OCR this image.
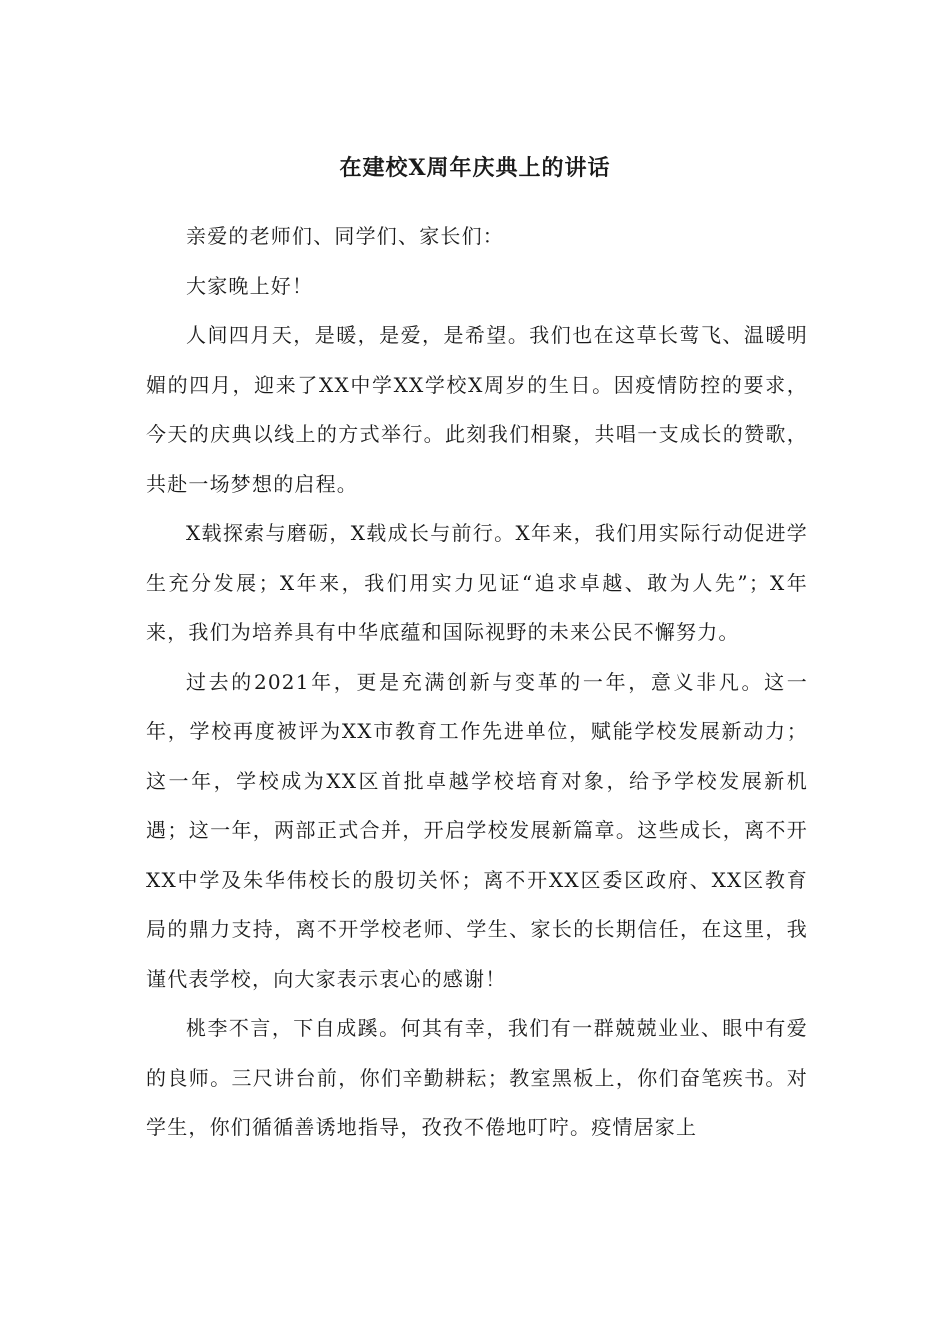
在建校X周年庆典上的讲话

亲爱的老师们、同学们、家长们：

大家晚上好！

人间四月天，是暖，是爱，是希望。我们也在这草长莺飞、温暖明媚的四月，迎来了XX中学XX学校X周岁的生日。因疫情防控的要求，今天的庆典以线上的方式举行。此刻我们相聚，共唱一支成长的赞歌，共赴一场梦想的启程。

X载探索与磨砺，X载成长与前行。X年来，我们用实际行动促进学生充分发展；X年来，我们用实力见证“追求卓越、敢为人先”；X年来，我们为培养具有中华底蕴和国际视野的未来公民不懈努力。

过去的2021年，更是充满创新与变革的一年，意义非凡。这一年，学校再度被评为XX市教育工作先进单位，赋能学校发展新动力；这一年，学校成为XX区首批卓越学校培育对象，给予学校发展新机遇；这一年，两部正式合并，开启学校发展新篇章。这些成长，离不开XX中学及朱华伟校长的殷切关怀；离不开XX区委区政府、XX区教育局的鼎力支持，离不开学校老师、学生、家长的长期信任，在这里，我谨代表学校，向大家表示衷心的感谢！

桃李不言，下自成蹊。何其有幸，我们有一群兢兢业业、眼中有爱的良师。三尺讲台前，你们辛勤耕耘；教室黑板上，你们奋笔疾书。对学生，你们循循善诱地指导，孜孜不倦地叮咛。疫情居家上
